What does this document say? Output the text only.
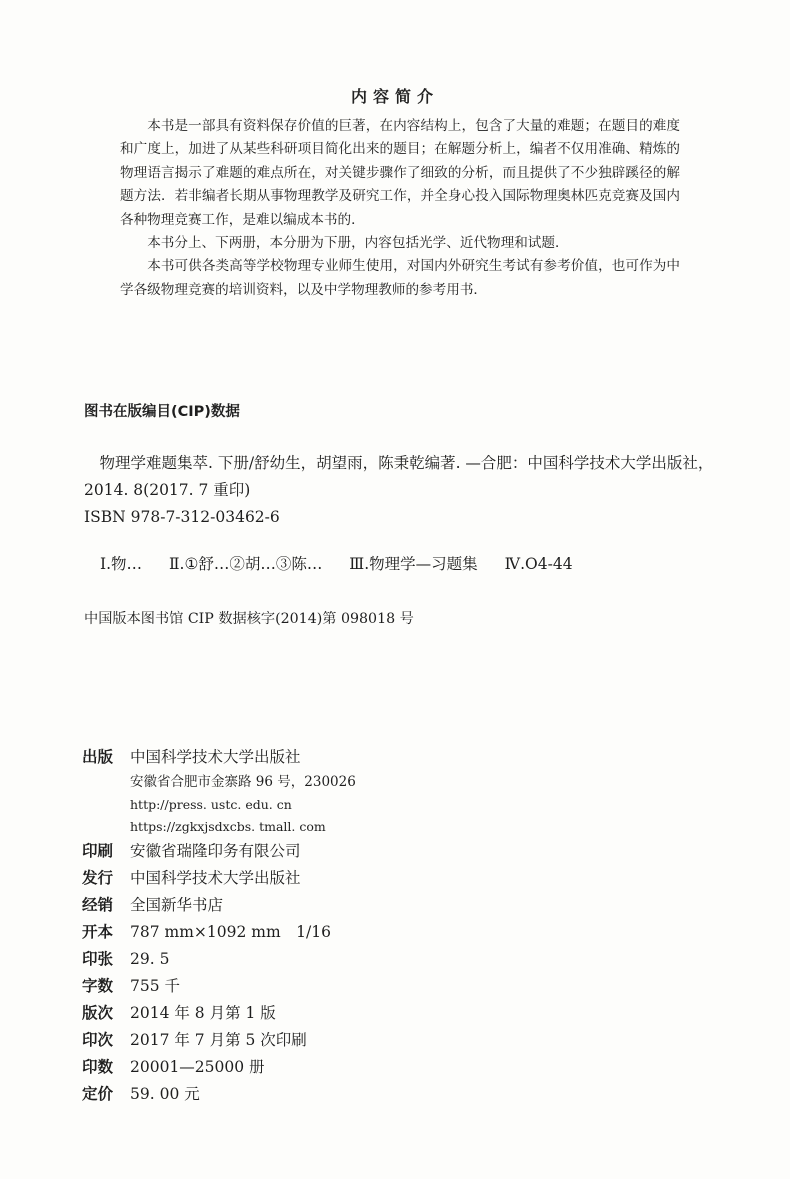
内容简介

本书是一部具有资料保存价值的巨著，在内容结构上，包含了大量的难题；在题目的难度和广度上，加进了从某些科研项目简化出来的题目；在解题分析上，编者不仅用准确、精炼的物理语言揭示了难题的难点所在，对关键步骤作了细致的分析，而且提供了不少独辟蹊径的解题方法．若非编者长期从事物理教学及研究工作，并全身心投入国际物理奥林匹克竞赛及国内各种物理竞赛工作，是难以编成本书的．

本书分上、下两册，本分册为下册，内容包括光学、近代物理和试题．

本书可供各类高等学校物理专业师生使用，对国内外研究生考试有参考价值，也可作为中学各级物理竞赛的培训资料，以及中学物理教师的参考用书．

图书在版编目(CIP)数据
物理学难题集萃. 下册/舒幼生，胡望雨，陈秉乾编著. —合肥：中国科学技术大学出版社，
2014. 8(2017. 7 重印)
ISBN 978-7-312-03462-6
Ⅰ.物… Ⅱ.①舒…②胡…③陈… Ⅲ.物理学—习题集 Ⅳ.O4-44
中国版本图书馆 CIP 数据核字(2014)第 098018 号
出版	中国科学技术大学出版社
安徽省合肥市金寨路 96 号，230026
http://press. ustc. edu. cn
https://zgkxjsdxcbs. tmall. com
印刷	安徽省瑞隆印务有限公司
发行	中国科学技术大学出版社
经销	全国新华书店
开本	787 mm×1092 mm　1/16
印张	29. 5
字数	755 千
版次	2014 年 8 月第 1 版
印次	2017 年 7 月第 5 次印刷
印数	20001—25000 册
定价	59. 00 元
